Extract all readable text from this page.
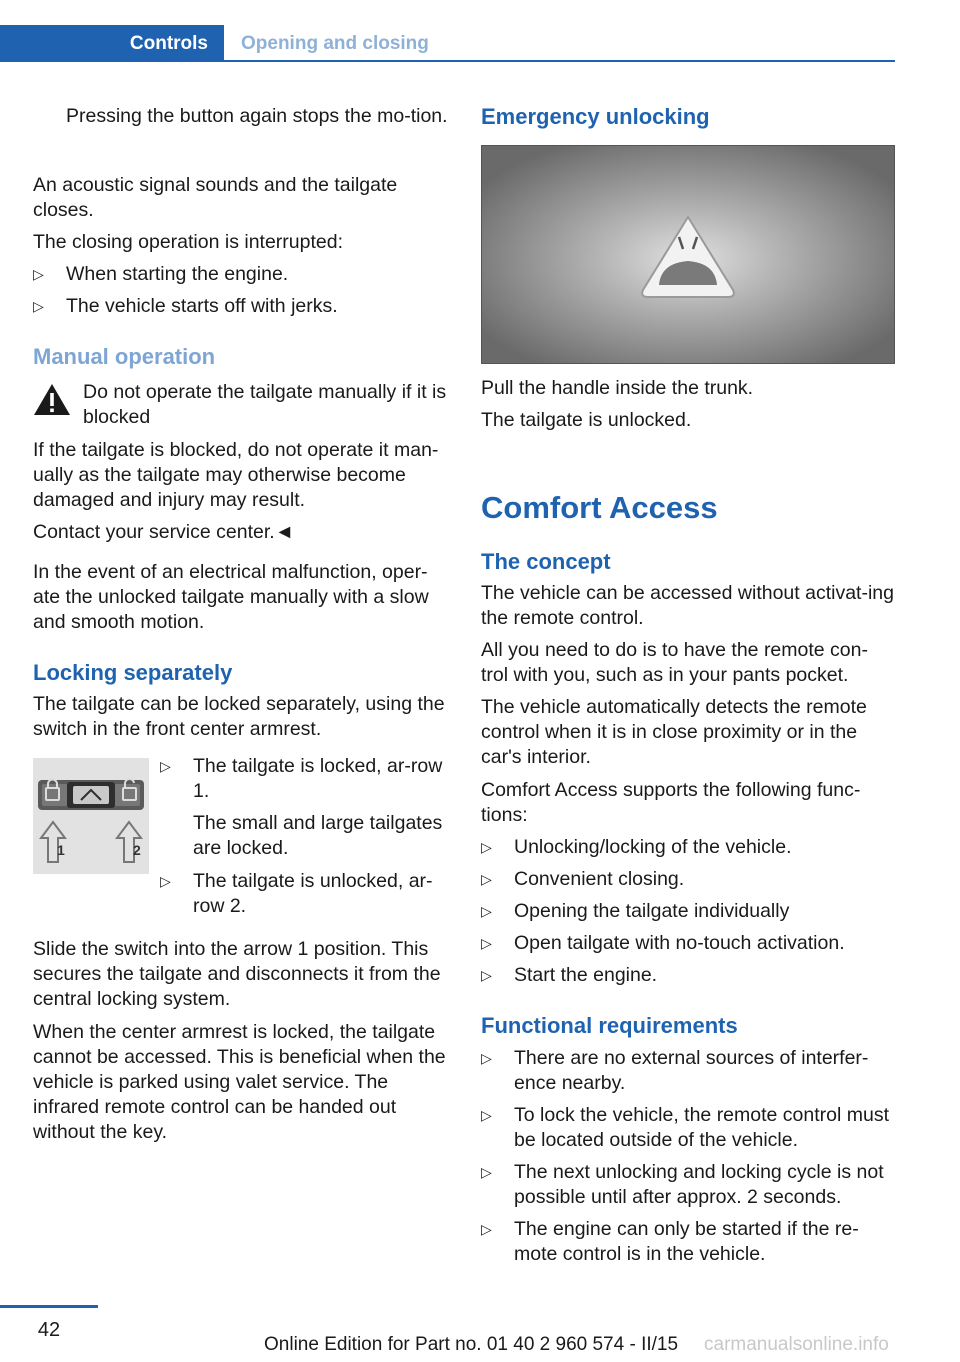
Controls	Opening and closing

Pressing the button again stops the mo‐tion.

An acoustic signal sounds and the tailgate closes.

The closing operation is interrupted:

▷ When starting the engine.
▷ The vehicle starts off with jerks.
Manual operation

Do not operate the tailgate manually if it is blocked

If the tailgate is blocked, do not operate it man‐ually as the tailgate may otherwise become damaged and injury may result.

Contact your service center.◄

In the event of an electrical malfunction, oper‐ate the unlocked tailgate manually with a slow and smooth motion.

Locking separately

The tailgate can be locked separately, using the switch in the front center armrest.

1	2
▷ The tailgate is locked, ar‐row 1.

The small and large tailgates are locked.

▷ The tailgate is unlocked, ar‐row 2.

Slide the switch into the arrow 1 position. This secures the tailgate and disconnects it from the central locking system.

When the center armrest is locked, the tailgate cannot be accessed. This is beneficial when the vehicle is parked using valet service. The infrared remote control can be handed out without the key.

Emergency unlocking

Pull the handle inside the trunk.

The tailgate is unlocked.

Comfort Access
The concept

The vehicle can be accessed without activat‐ing the remote control.

All you need to do is to have the remote con‐trol with you, such as in your pants pocket.

The vehicle automatically detects the remote control when it is in close proximity or in the car's interior.

Comfort Access supports the following func‐tions:

▷ Unlocking/locking of the vehicle.
▷ Convenient closing.
▷ Opening the tailgate individually
▷ Open tailgate with no-touch activation.
▷ Start the engine.
Functional requirements
▷ There are no external sources of interfer‐ence nearby.
▷ To lock the vehicle, the remote control must be located outside of the vehicle.
▷ The next unlocking and locking cycle is not possible until after approx. 2 seconds.
▷ The engine can only be started if the re‐mote control is in the vehicle.
42
Online Edition for Part no. 01 40 2 960 574 - II/15 carmanualsonline.info
